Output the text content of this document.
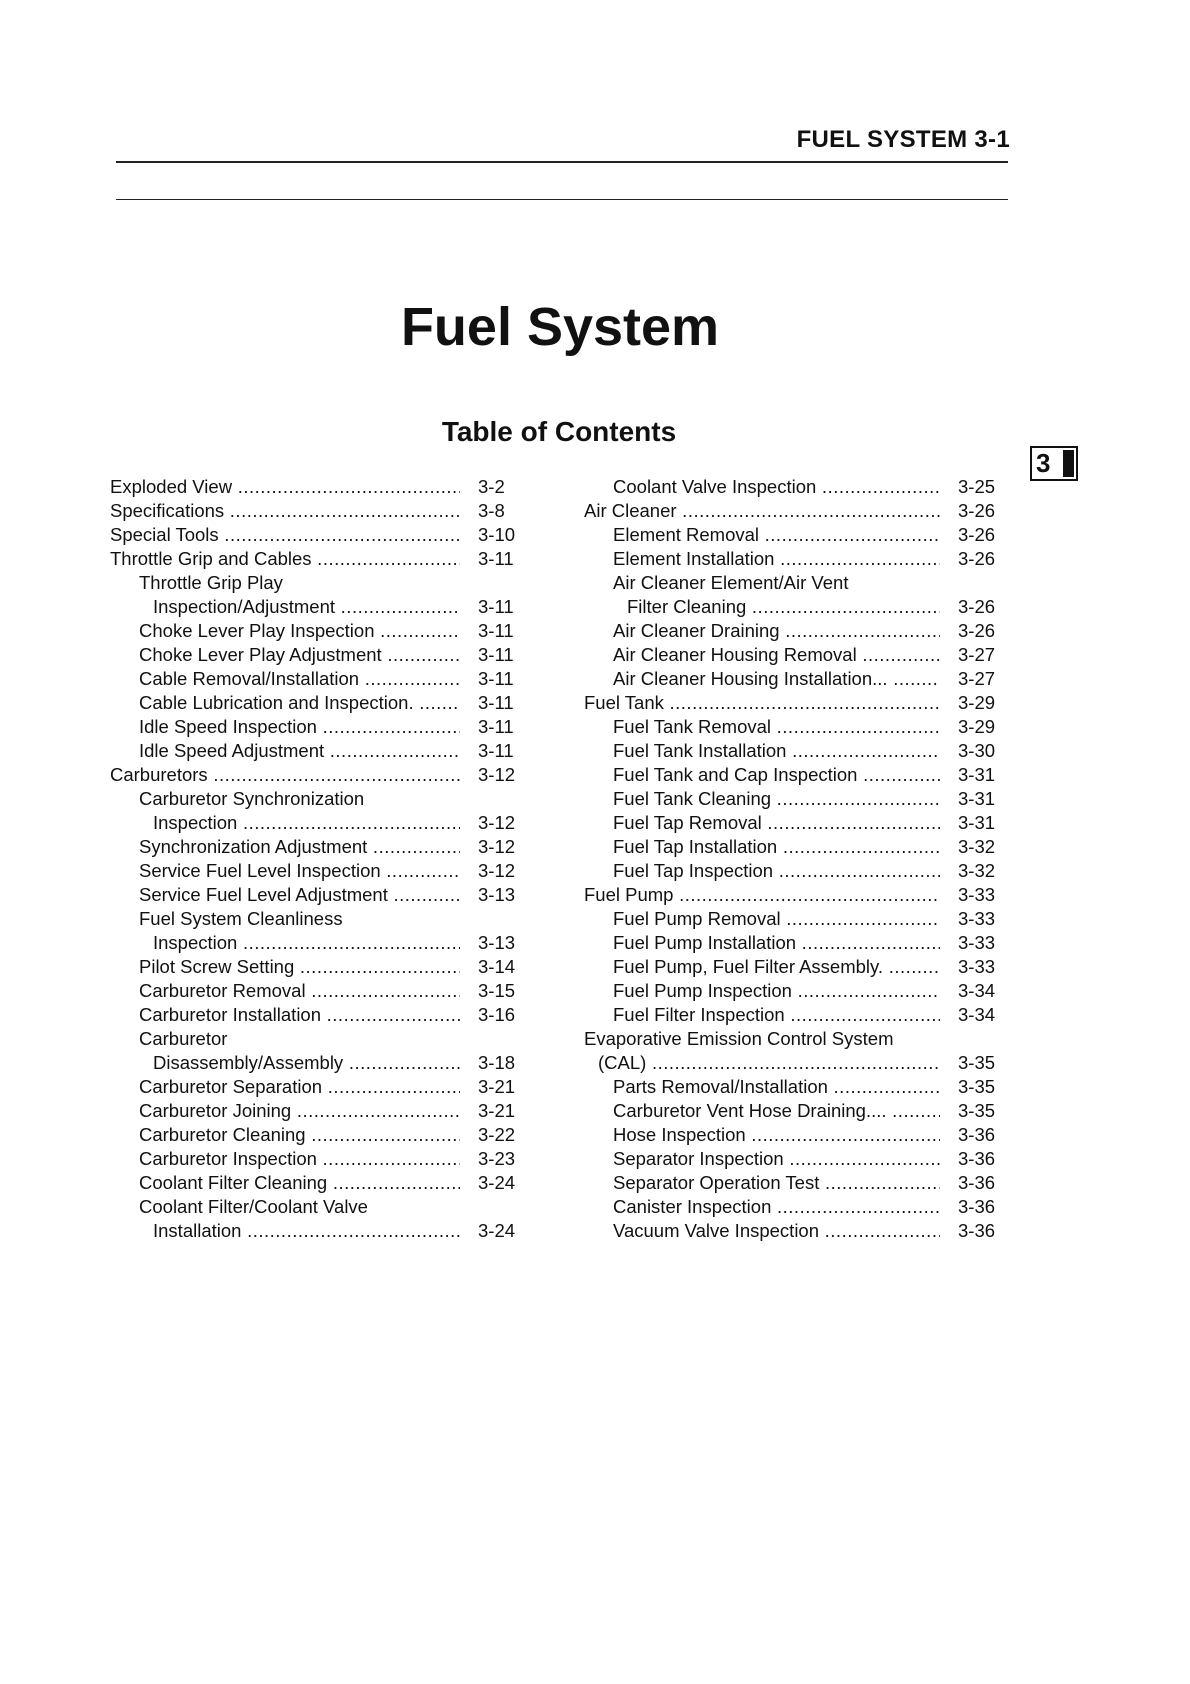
FUEL SYSTEM 3-1
Fuel System
Table of Contents
3
Exploded View .....	3-2
Specifications .....	3-8
Special Tools .....	3-10
Throttle Grip and Cables .....	3-11
Throttle Grip Play
Inspection/Adjustment .....	3-11
Choke Lever Play Inspection .....	3-11
Choke Lever Play Adjustment .....	3-11
Cable Removal/Installation .....	3-11
Cable Lubrication and Inspection. .....	3-11
Idle Speed Inspection .....	3-11
Idle Speed Adjustment .....	3-11
Carburetors .....	3-12
Carburetor Synchronization
Inspection .....	3-12
Synchronization Adjustment .....	3-12
Service Fuel Level Inspection .....	3-12
Service Fuel Level Adjustment .....	3-13
Fuel System Cleanliness
Inspection .....	3-13
Pilot Screw Setting .....	3-14
Carburetor Removal .....	3-15
Carburetor Installation .....	3-16
Carburetor
Disassembly/Assembly .....	3-18
Carburetor Separation .....	3-21
Carburetor Joining .....	3-21
Carburetor Cleaning .....	3-22
Carburetor Inspection .....	3-23
Coolant Filter Cleaning .....	3-24
Coolant Filter/Coolant Valve
Installation .....	3-24
Coolant Valve Inspection .....	3-25
Air Cleaner .....	3-26
Element Removal .....	3-26
Element Installation .....	3-26
Air Cleaner Element/Air Vent
Filter Cleaning .....	3-26
Air Cleaner Draining .....	3-26
Air Cleaner Housing Removal .....	3-27
Air Cleaner Housing Installation... .....	3-27
Fuel Tank .....	3-29
Fuel Tank Removal .....	3-29
Fuel Tank Installation .....	3-30
Fuel Tank and Cap Inspection .....	3-31
Fuel Tank Cleaning .....	3-31
Fuel Tap Removal .....	3-31
Fuel Tap Installation .....	3-32
Fuel Tap Inspection .....	3-32
Fuel Pump .....	3-33
Fuel Pump Removal .....	3-33
Fuel Pump Installation .....	3-33
Fuel Pump, Fuel Filter Assembly. .....	3-33
Fuel Pump Inspection .....	3-34
Fuel Filter Inspection .....	3-34
Evaporative Emission Control System
(CAL) .....	3-35
Parts Removal/Installation .....	3-35
Carburetor Vent Hose Draining.... .....	3-35
Hose Inspection .....	3-36
Separator Inspection .....	3-36
Separator Operation Test .....	3-36
Canister Inspection .....	3-36
Vacuum Valve Inspection .....	3-36
